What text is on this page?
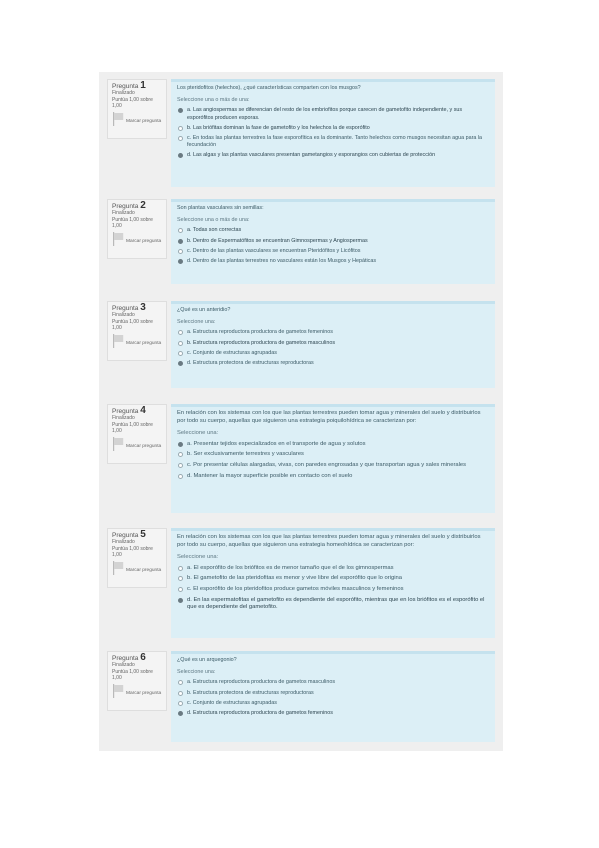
Pregunta 1
Finalizado
Puntúa 1,00 sobre 1,00
Marcar pregunta
Los pteridofitos (helechos), ¿qué características comparten con los musgos?
Seleccione una o más de una:
a. Las angiospermas se diferencian del resto de los embriofitos porque carecen de gametofito independiente, y sus esporófitos producen esporas.
b. Las briófitas dominan la fase de gametofito y los helechos la de esporófito
c. En todas las plantas terrestres la fase esporofítica es la dominante. Tanto helechos como musgos necesitan agua para la fecundación
d. Las algas y las plantas vasculares presentan gametangios y esporangios con cubiertas de protección
Pregunta 2
Finalizado
Puntúa 1,00 sobre 1,00
Marcar pregunta
Son plantas vasculares sin semillas:
Seleccione una o más de una:
a. Todas son correctas
b. Dentro de Espermatófitos se encuentran Gimnospermas y Angiospermas
c. Dentro de las plantas vasculares se encuentran Pteridófitos y Licófitos
d. Dentro de las plantas terrestres no vasculares están los Musgos y Hepáticas
Pregunta 3
Finalizado
Puntúa 1,00 sobre 1,00
Marcar pregunta
¿Qué es un anteridio?
Seleccione una:
a. Estructura reproductora productora de gametos femeninos
b. Estructura reproductora productora de gametos masculinos
c. Conjunto de estructuras agrupadas
d. Estructura protectora de estructuras reproductoras
Pregunta 4
Finalizado
Puntúa 1,00 sobre 1,00
Marcar pregunta
En relación con los sistemas con los que las plantas terrestres pueden tomar agua y minerales del suelo y distribuirlos por todo su cuerpo, aquellas que siguieron una estrategia poiquilohídrica se caracterizan por:
Seleccione una:
a. Presentar tejidos especializados en el transporte de agua y solutos
b. Ser exclusivamente terrestres y vasculares
c. Por presentar células alargadas, vivas, con paredes engrosadas y que transportan agua y sales minerales
d. Mantener la mayor superficie posible en contacto con el suelo
Pregunta 5
Finalizado
Puntúa 1,00 sobre 1,00
Marcar pregunta
En relación con los sistemas con los que las plantas terrestres pueden tomar agua y minerales del suelo y distribuirlos por todo su cuerpo, aquellas que siguieron una estrategia homeohídrica se caracterizan por:
Seleccione una:
a. El esporófito de los briófitos es de menor tamaño que el de los gimnospermas
b. El gametofito de las pteridofitas es menor y vive libre del esporófito que lo origina
c. El esporófito de los pteridofitos produce gametos móviles masculinos y femeninos
d. En las espermatofitas el gametofito es dependiente del esporófito, mientras que en los briófitos es el esporófito el que es dependiente del gametofito.
Pregunta 6
Finalizado
Puntúa 1,00 sobre 1,00
Marcar pregunta
¿Qué es un arquegonio?
Seleccione una:
a. Estructura reproductora productora de gametos masculinos
b. Estructura protectora de estructuras reproductoras
c. Conjunto de estructuras agrupadas
d. Estructura reproductora productora de gametos femeninos
